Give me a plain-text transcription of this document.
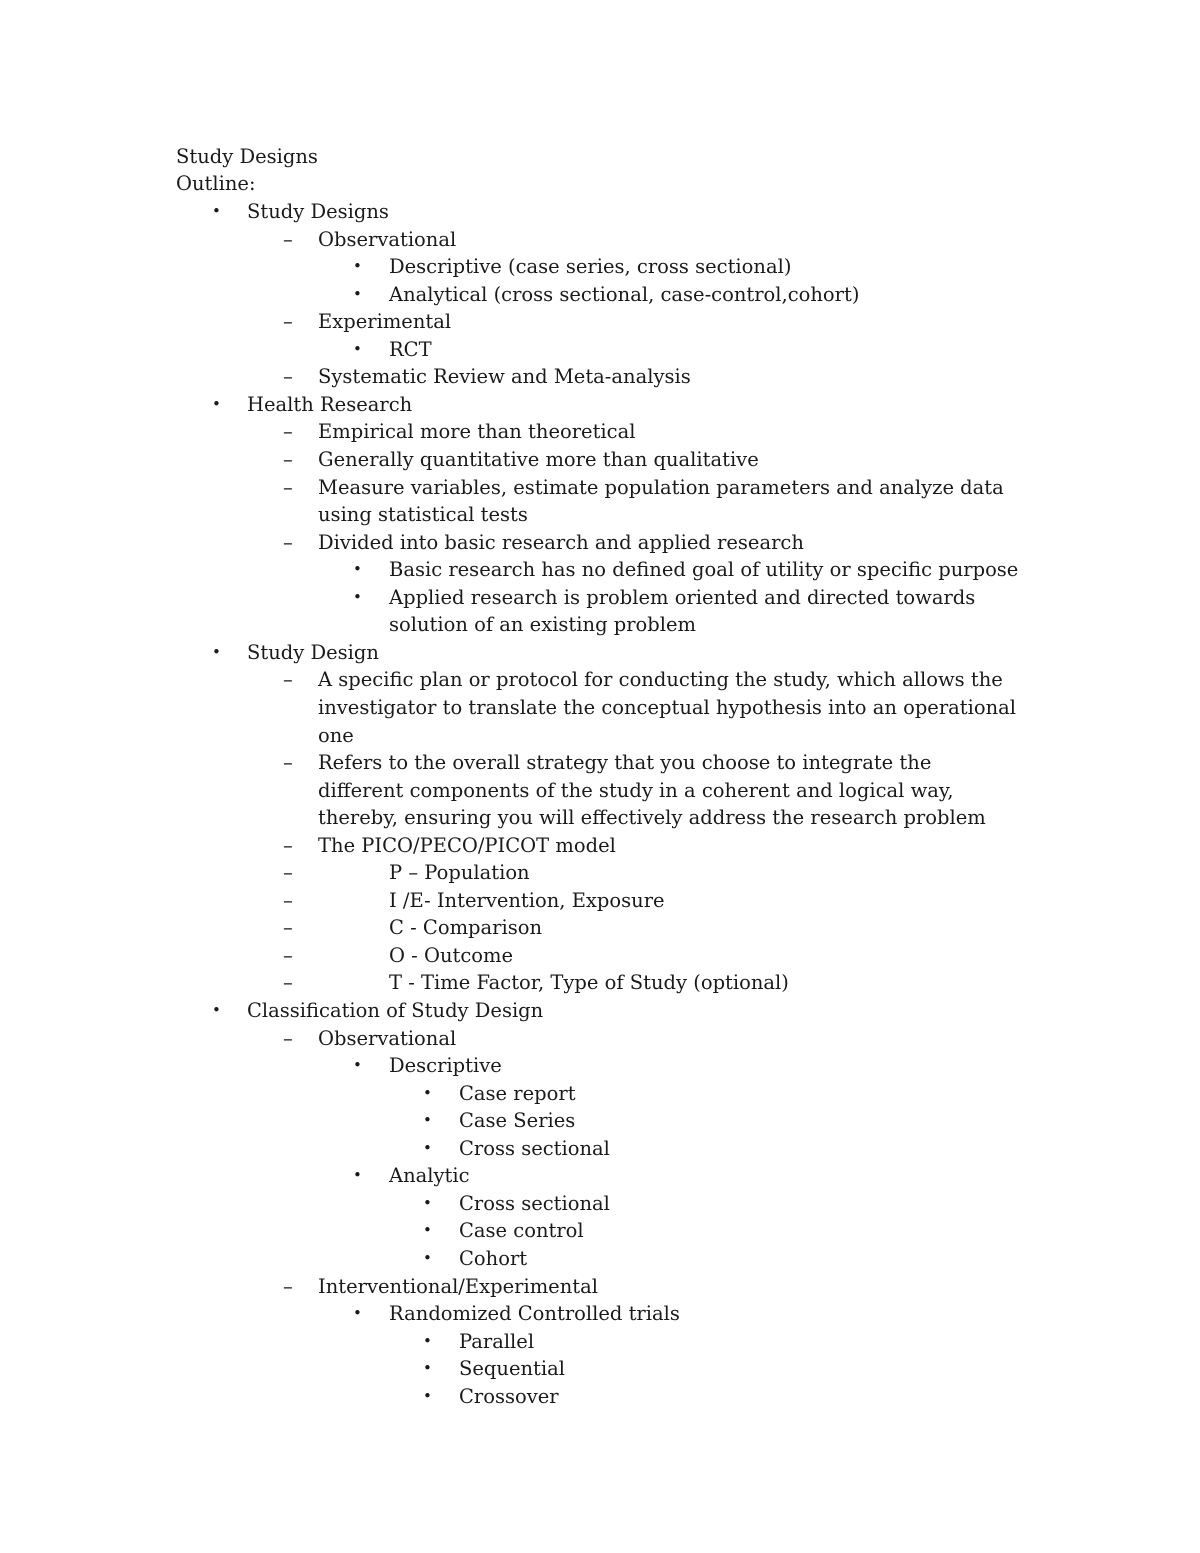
Study Designs
Outline:
• Study Designs
– Observational
• Descriptive (case series, cross sectional)
• Analytical (cross sectional, case-control,cohort)
– Experimental
• RCT
– Systematic Review and Meta-analysis
• Health Research
– Empirical more than theoretical
– Generally quantitative more than qualitative
– Measure variables, estimate population parameters and analyze data
using statistical tests
– Divided into basic research and applied research
• Basic research has no defined goal of utility or specific purpose
• Applied research is problem oriented and directed towards
solution of an existing problem
• Study Design
– A specific plan or protocol for conducting the study, which allows the
investigator to translate the conceptual hypothesis into an operational
one
– Refers to the overall strategy that you choose to integrate the
different components of the study in a coherent and logical way,
thereby, ensuring you will effectively address the research problem
– The PICO/PECO/PICOT model
–	P – Population
–	I /E- Intervention, Exposure
–	C - Comparison
–	O - Outcome
–	T - Time Factor, Type of Study (optional)
• Classification of Study Design
– Observational
• Descriptive
• Case report
• Case Series
• Cross sectional
• Analytic
• Cross sectional
• Case control
• Cohort
– Interventional/Experimental
• Randomized Controlled trials
• Parallel
• Sequential
• Crossover
